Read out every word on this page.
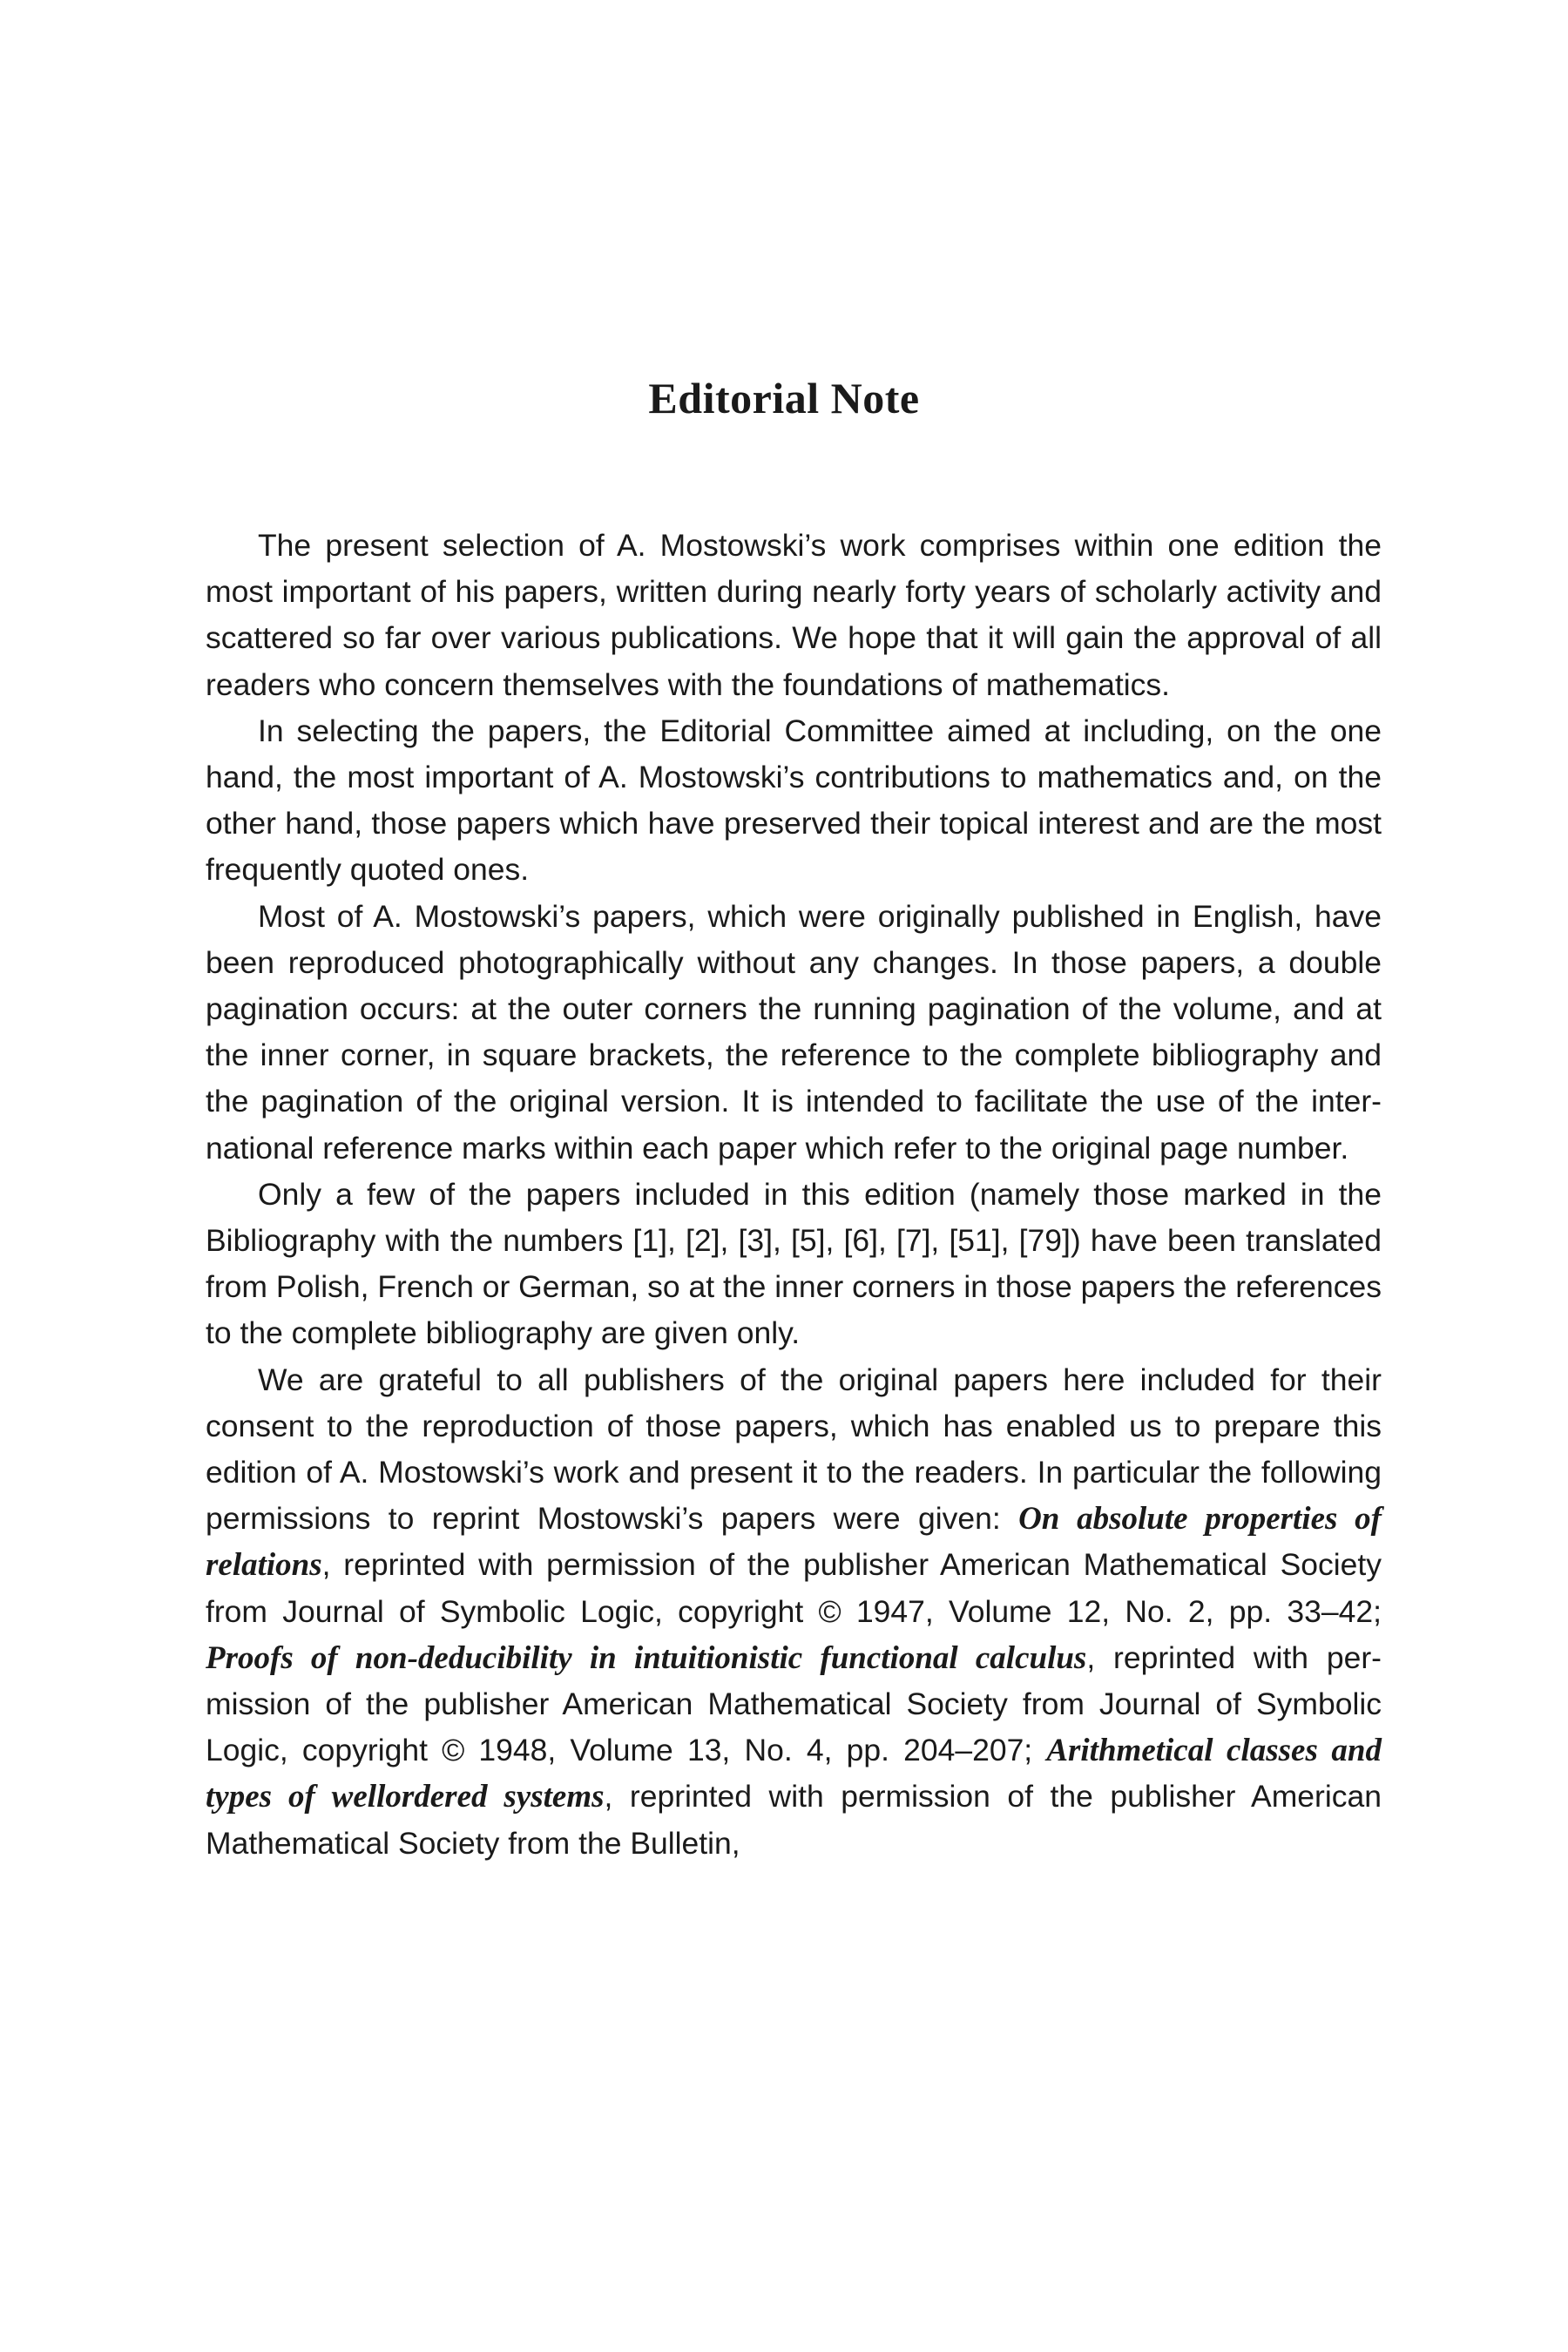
Editorial Note

The present selection of A. Mostowski’s work comprises within one edition the most important of his papers, written during nearly forty years of scholarly activity and scattered so far over various publications. We hope that it will gain the approval of all readers who concern themselves with the foundations of mathematics.

In selecting the papers, the Editorial Committee aimed at including, on the one hand, the most important of A. Mostowski’s contributions to mathematics and, on the other hand, those papers which have preserved their topical interest and are the most frequently quoted ones.

Most of A. Mostowski’s papers, which were originally published in English, have been reproduced photographically without any changes. In those papers, a double pagination occurs: at the outer corners the running pagination of the volume, and at the inner corner, in square brackets, the reference to the complete bibliography and the pagination of the original version. It is intended to facilitate the use of the international reference marks within each paper which refer to the original page number.

Only a few of the papers included in this edition (namely those marked in the Bibliography with the numbers [1], [2], [3], [5], [6], [7], [51], [79]) have been translated from Polish, French or German, so at the inner corners in those papers the references to the complete bibliography are given only.

We are grateful to all publishers of the original papers here included for their consent to the reproduction of those papers, which has enabled us to prepare this edition of A. Mostowski’s work and present it to the readers. In particular the following permissions to reprint Mostowski’s papers were given: On absolute properties of relations, reprinted with permission of the publisher American Mathematical Society from Journal of Symbolic Logic, copyright © 1947, Volume 12, No. 2, pp. 33–42; Proofs of non-deducibility in intuitionistic functional calculus, reprinted with permission of the publisher American Mathematical Society from Journal of Symbolic Logic, copyright © 1948, Volume 13, No. 4, pp. 204–207; Arithmetical classes and types of wellordered systems, reprinted with permission of the publisher American Mathematical Society from the Bulletin,
